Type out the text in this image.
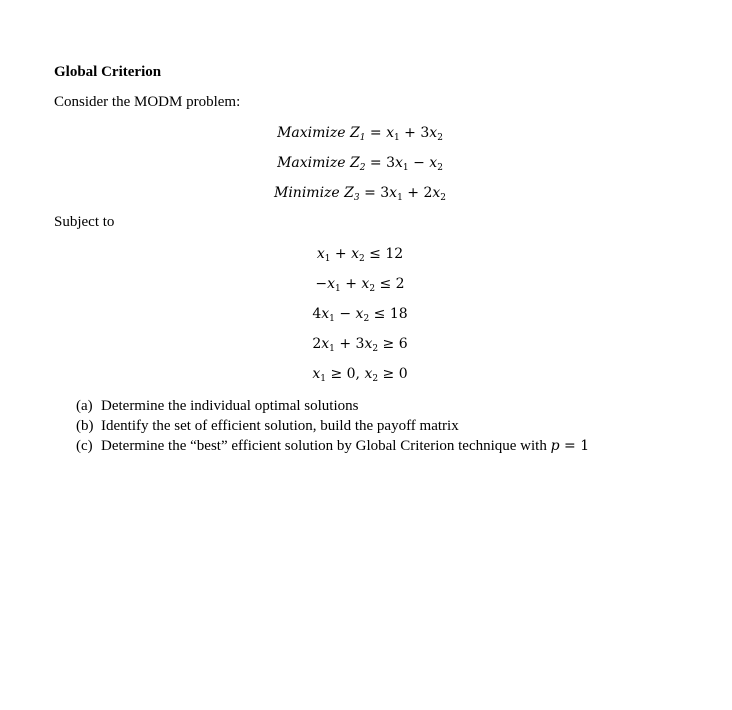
Global Criterion

Consider the MODM problem:

Maximize $Z_1 = x_1 + 3x_2$
Maximize $Z_2 = 3x_1 - x_2$
Minimize $Z_3 = 3x_1 + 2x_2$

Subject to

$x_1 + x_2 \le 12$
$-x_1 + x_2 \le 2$
$4x_1 - x_2 \le 18$
$2x_1 + 3x_2 \ge 6$
$x_1 \ge 0$, $x_2 \ge 0$
(a) Determine the individual optimal solutions
(b) Identify the set of efficient solution, build the payoff matrix
(c) Determine the “best” efficient solution by Global Criterion technique with p = 1
